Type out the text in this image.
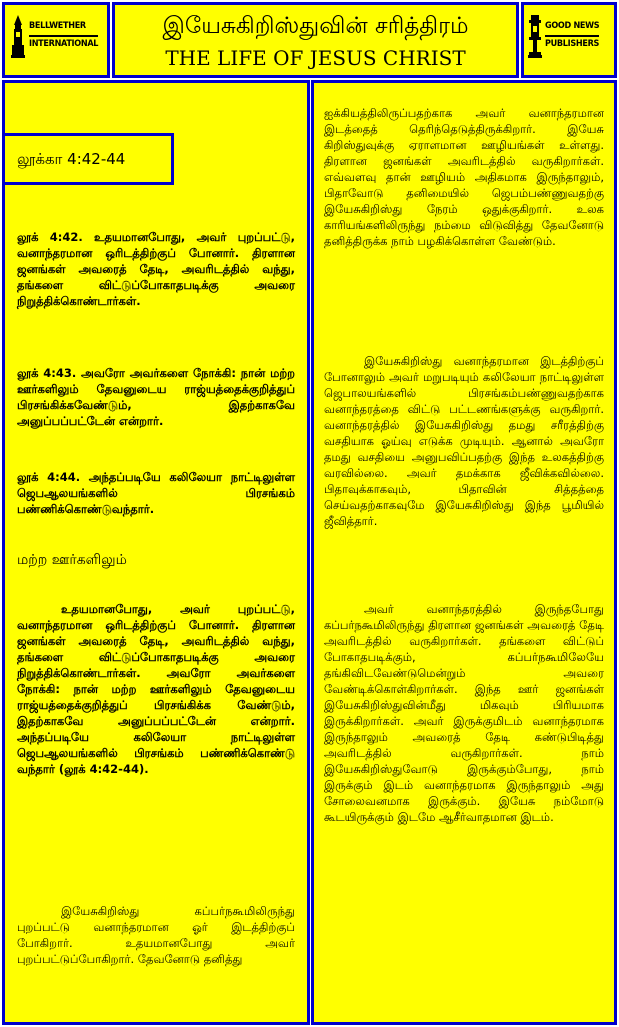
BELLWETHER
INTERNATIONAL
இயேசுகிறிஸ்துவின் சரித்திரம்
THE LIFE OF JESUS CHRIST
GOOD NEWS
PUBLISHERS
லூக்கா 4:42-44

லூக் 4:42. உதயமானபோது, அவர் புறப்பட்டு, வனாந்தரமான ஒரிடத்திற்குப் போனார். திரளான ஜனங்கள் அவரைத் தேடி, அவரிடத்தில் வந்து, தங்களை விட்டுப்போகாதபடிக்கு அவரை நிறுத்திக்கொண்டார்கள்.

லூக் 4:43. அவரோ அவர்களை நோக்கி: நான் மற்ற ஊர்களிலும் தேவனுடைய ராஜ்யத்தைக்குறித்துப் பிரசங்கிக்கவேண்டும், இதற்காகவே அனுப்பப்பட்டேன் என்றார்.

லூக் 4:44. அந்தப்படியே கலிலேயா நாட்டிலுள்ள ஜெபஆலயங்களில் பிரசங்கம் பண்ணிக்கொண்டுவந்தார்.

மற்ற ஊர்களிலும்

உதயமானபோது, அவர் புறப்பட்டு, வனாந்தரமான ஒரிடத்திற்குப் போனார். திரளான ஜனங்கள் அவரைத் தேடி, அவரிடத்தில் வந்து, தங்களை விட்டுப்போகாதபடிக்கு அவரை நிறுத்திக்கொண்டார்கள். அவரோ அவர்களை நோக்கி: நான் மற்ற ஊர்களிலும் தேவனுடைய ராஜ்யத்தைக்குறித்துப் பிரசங்கிக்க வேண்டும், இதற்காகவே அனுப்பப்பட்டேன் என்றார். அந்தப்படியே கலிலேயா நாட்டிலுள்ள ஜெபஆலயங்களில் பிரசங்கம் பண்ணிக்கொண்டு வந்தார் (லூக் 4:42-44).

இயேசுகிறிஸ்து கப்பர்நகூமிலிருந்து புறப்பட்டு வனாந்தரமான ஓர் இடத்திற்குப் போகிறார். உதயமானபோது அவர் புறப்பட்டுப்போகிறார். தேவனோடு தனித்து

ஐக்கியத்திலிருப்பதற்காக அவர் வனாந்தரமான இடத்தைத் தெரிந்தெடுத்திருக்கிறார். இயேசு கிறிஸ்துவுக்கு ஏராளமான ஊழியங்கள் உள்ளது. திரளான ஜனங்கள் அவரிடத்தில் வருகிறார்கள். எவ்வளவு தான் ஊழியம் அதிகமாக இருந்தாலும், பிதாவோடு தனிமையில் ஜெபம்பண்ணுவதற்கு இயேசுகிறிஸ்து நேரம் ஒதுக்குகிறார். உலக காரியங்களிலிருந்து நம்மை விடுவித்து தேவனோடு தனித்திருக்க நாம் பழகிக்கொள்ள வேண்டும்.

இயேசுகிறிஸ்து வனாந்தரமான இடத்திற்குப் போனாலும் அவர் மறுபடியும் கலிலேயா நாட்டிலுள்ள ஜெபாலயங்களில் பிரசங்கம்பண்ணுவதற்காக வனாந்தரத்தை விட்டு பட்டணங்களுக்கு வருகிறார். வனாந்தரத்தில் இயேசுகிறிஸ்து தமது சரீரத்திற்கு வசதியாக ஓய்வு எடுக்க முடியும். ஆனால் அவரோ தமது வசதியை அனுபவிப்பதற்கு இந்த உலகத்திற்கு வரவில்லை. அவர் தமக்காக ஜீவிக்கவில்லை. பிதாவுக்காகவும், பிதாவின் சித்தத்தை செய்வதற்காகவுமே இயேசுகிறிஸ்து இந்த பூமியில் ஜீவித்தார்.

அவர் வனாந்தரத்தில் இருந்தபோது கப்பர்நகூமிலிருந்து திரளான ஜனங்கள் அவரைத் தேடி அவரிடத்தில் வருகிறார்கள். தங்களை விட்டுப் போகாதபடிக்கும், கப்பர்நகூமிலேயே தங்கிவிடவேண்டுமென்றும் அவரை வேண்டிக்கொள்கிறார்கள். இந்த ஊர் ஜனங்கள் இயேசுகிறிஸ்துவின்மீது மிகவும் பிரியமாக இருக்கிறார்கள். அவர் இருக்குமிடம் வனாந்தரமாக இருந்தாலும் அவரைத் தேடி கண்டுபிடித்து அவரிடத்தில் வருகிறார்கள். நாம் இயேசுகிறிஸ்துவோடு இருக்கும்போது, நாம் இருக்கும் இடம் வனாந்தரமாக இருந்தாலும் அது சோலைவனமாக இருக்கும். இயேசு நம்மோடு கூடயிருக்கும் இடமே ஆசீர்வாதமான இடம்.
